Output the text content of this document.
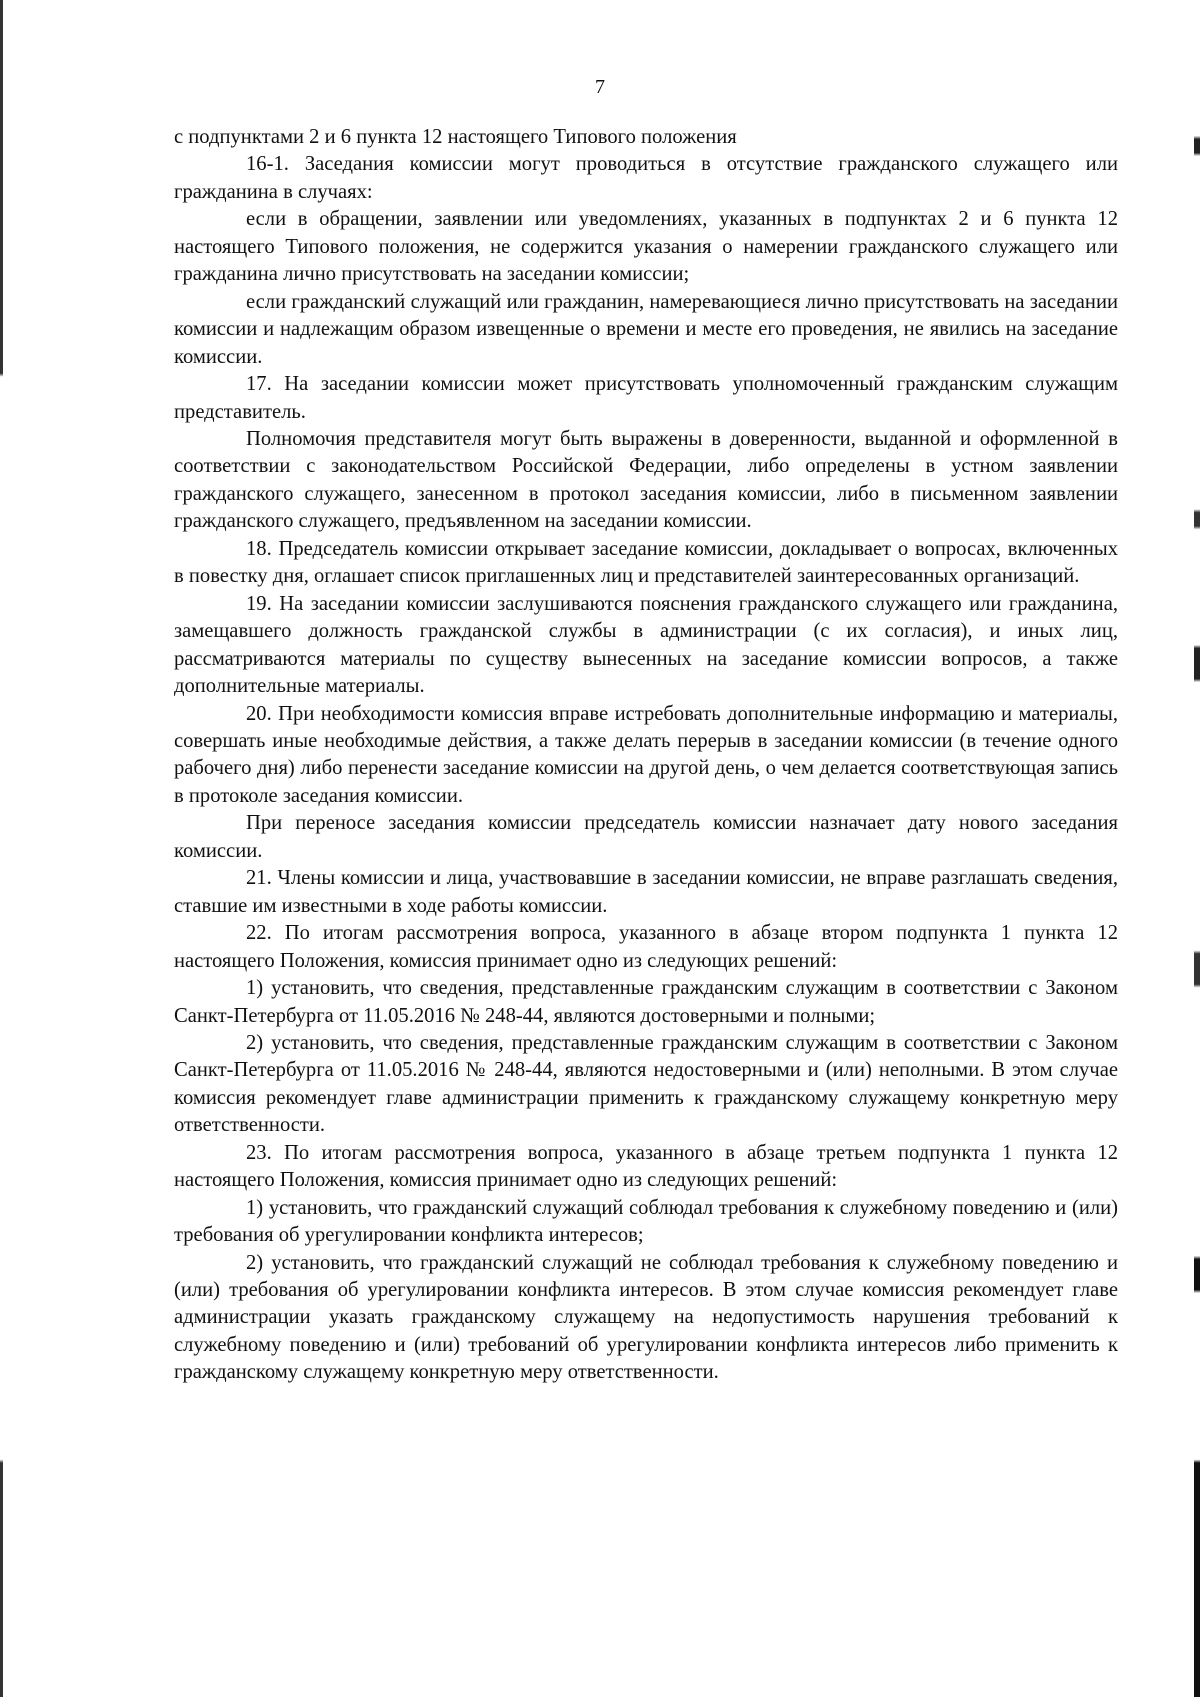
7

с подпунктами 2 и 6 пункта 12 настоящего Типового положения

16-1. Заседания комиссии могут проводиться в отсутствие гражданского служащего или гражданина в случаях:

если в обращении, заявлении или уведомлениях, указанных в подпунктах 2 и 6 пункта 12 настоящего Типового положения, не содержится указания о намерении гражданского служащего или гражданина лично присутствовать на заседании комиссии;

если гражданский служащий или гражданин, намеревающиеся лично присутствовать на заседании комиссии и надлежащим образом извещенные о времени и месте его проведения, не явились на заседание комиссии.

17. На заседании комиссии может присутствовать уполномоченный гражданским служащим представитель.

Полномочия представителя могут быть выражены в доверенности, выданной и оформленной в соответствии с законодательством Российской Федерации, либо определены в устном заявлении гражданского служащего, занесенном в протокол заседания комиссии, либо в письменном заявлении гражданского служащего, предъявленном на заседании комиссии.

18. Председатель комиссии открывает заседание комиссии, докладывает о вопросах, включенных в повестку дня, оглашает список приглашенных лиц и представителей заинтересованных организаций.

19. На заседании комиссии заслушиваются пояснения гражданского служащего или гражданина, замещавшего должность гражданской службы в администрации (с их согласия), и иных лиц, рассматриваются материалы по существу вынесенных на заседание комиссии вопросов, а также дополнительные материалы.

20. При необходимости комиссия вправе истребовать дополнительные информацию и материалы, совершать иные необходимые действия, а также делать перерыв в заседании комиссии (в течение одного рабочего дня) либо перенести заседание комиссии на другой день, о чем делается соответствующая запись в протоколе заседания комиссии.

При переносе заседания комиссии председатель комиссии назначает дату нового заседания комиссии.

21. Члены комиссии и лица, участвовавшие в заседании комиссии, не вправе разглашать сведения, ставшие им известными в ходе работы комиссии.

22. По итогам рассмотрения вопроса, указанного в абзаце втором подпункта 1 пункта 12 настоящего Положения, комиссия принимает одно из следующих решений:

1) установить, что сведения, представленные гражданским служащим в соответствии с Законом Санкт-Петербурга от 11.05.2016 № 248-44, являются достоверными и полными;

2) установить, что сведения, представленные гражданским служащим в соответствии с Законом Санкт-Петербурга от 11.05.2016 № 248-44, являются недостоверными и (или) неполными. В этом случае комиссия рекомендует главе администрации применить к гражданскому служащему конкретную меру ответственности.

23. По итогам рассмотрения вопроса, указанного в абзаце третьем подпункта 1 пункта 12 настоящего Положения, комиссия принимает одно из следующих решений:

1) установить, что гражданский служащий соблюдал требования к служебному поведению и (или) требования об урегулировании конфликта интересов;

2) установить, что гражданский служащий не соблюдал требования к служебному поведению и (или) требования об урегулировании конфликта интересов. В этом случае комиссия рекомендует главе администрации указать гражданскому служащему на недопустимость нарушения требований к служебному поведению и (или) требований об урегулировании конфликта интересов либо применить к гражданскому служащему конкретную меру ответственности.
